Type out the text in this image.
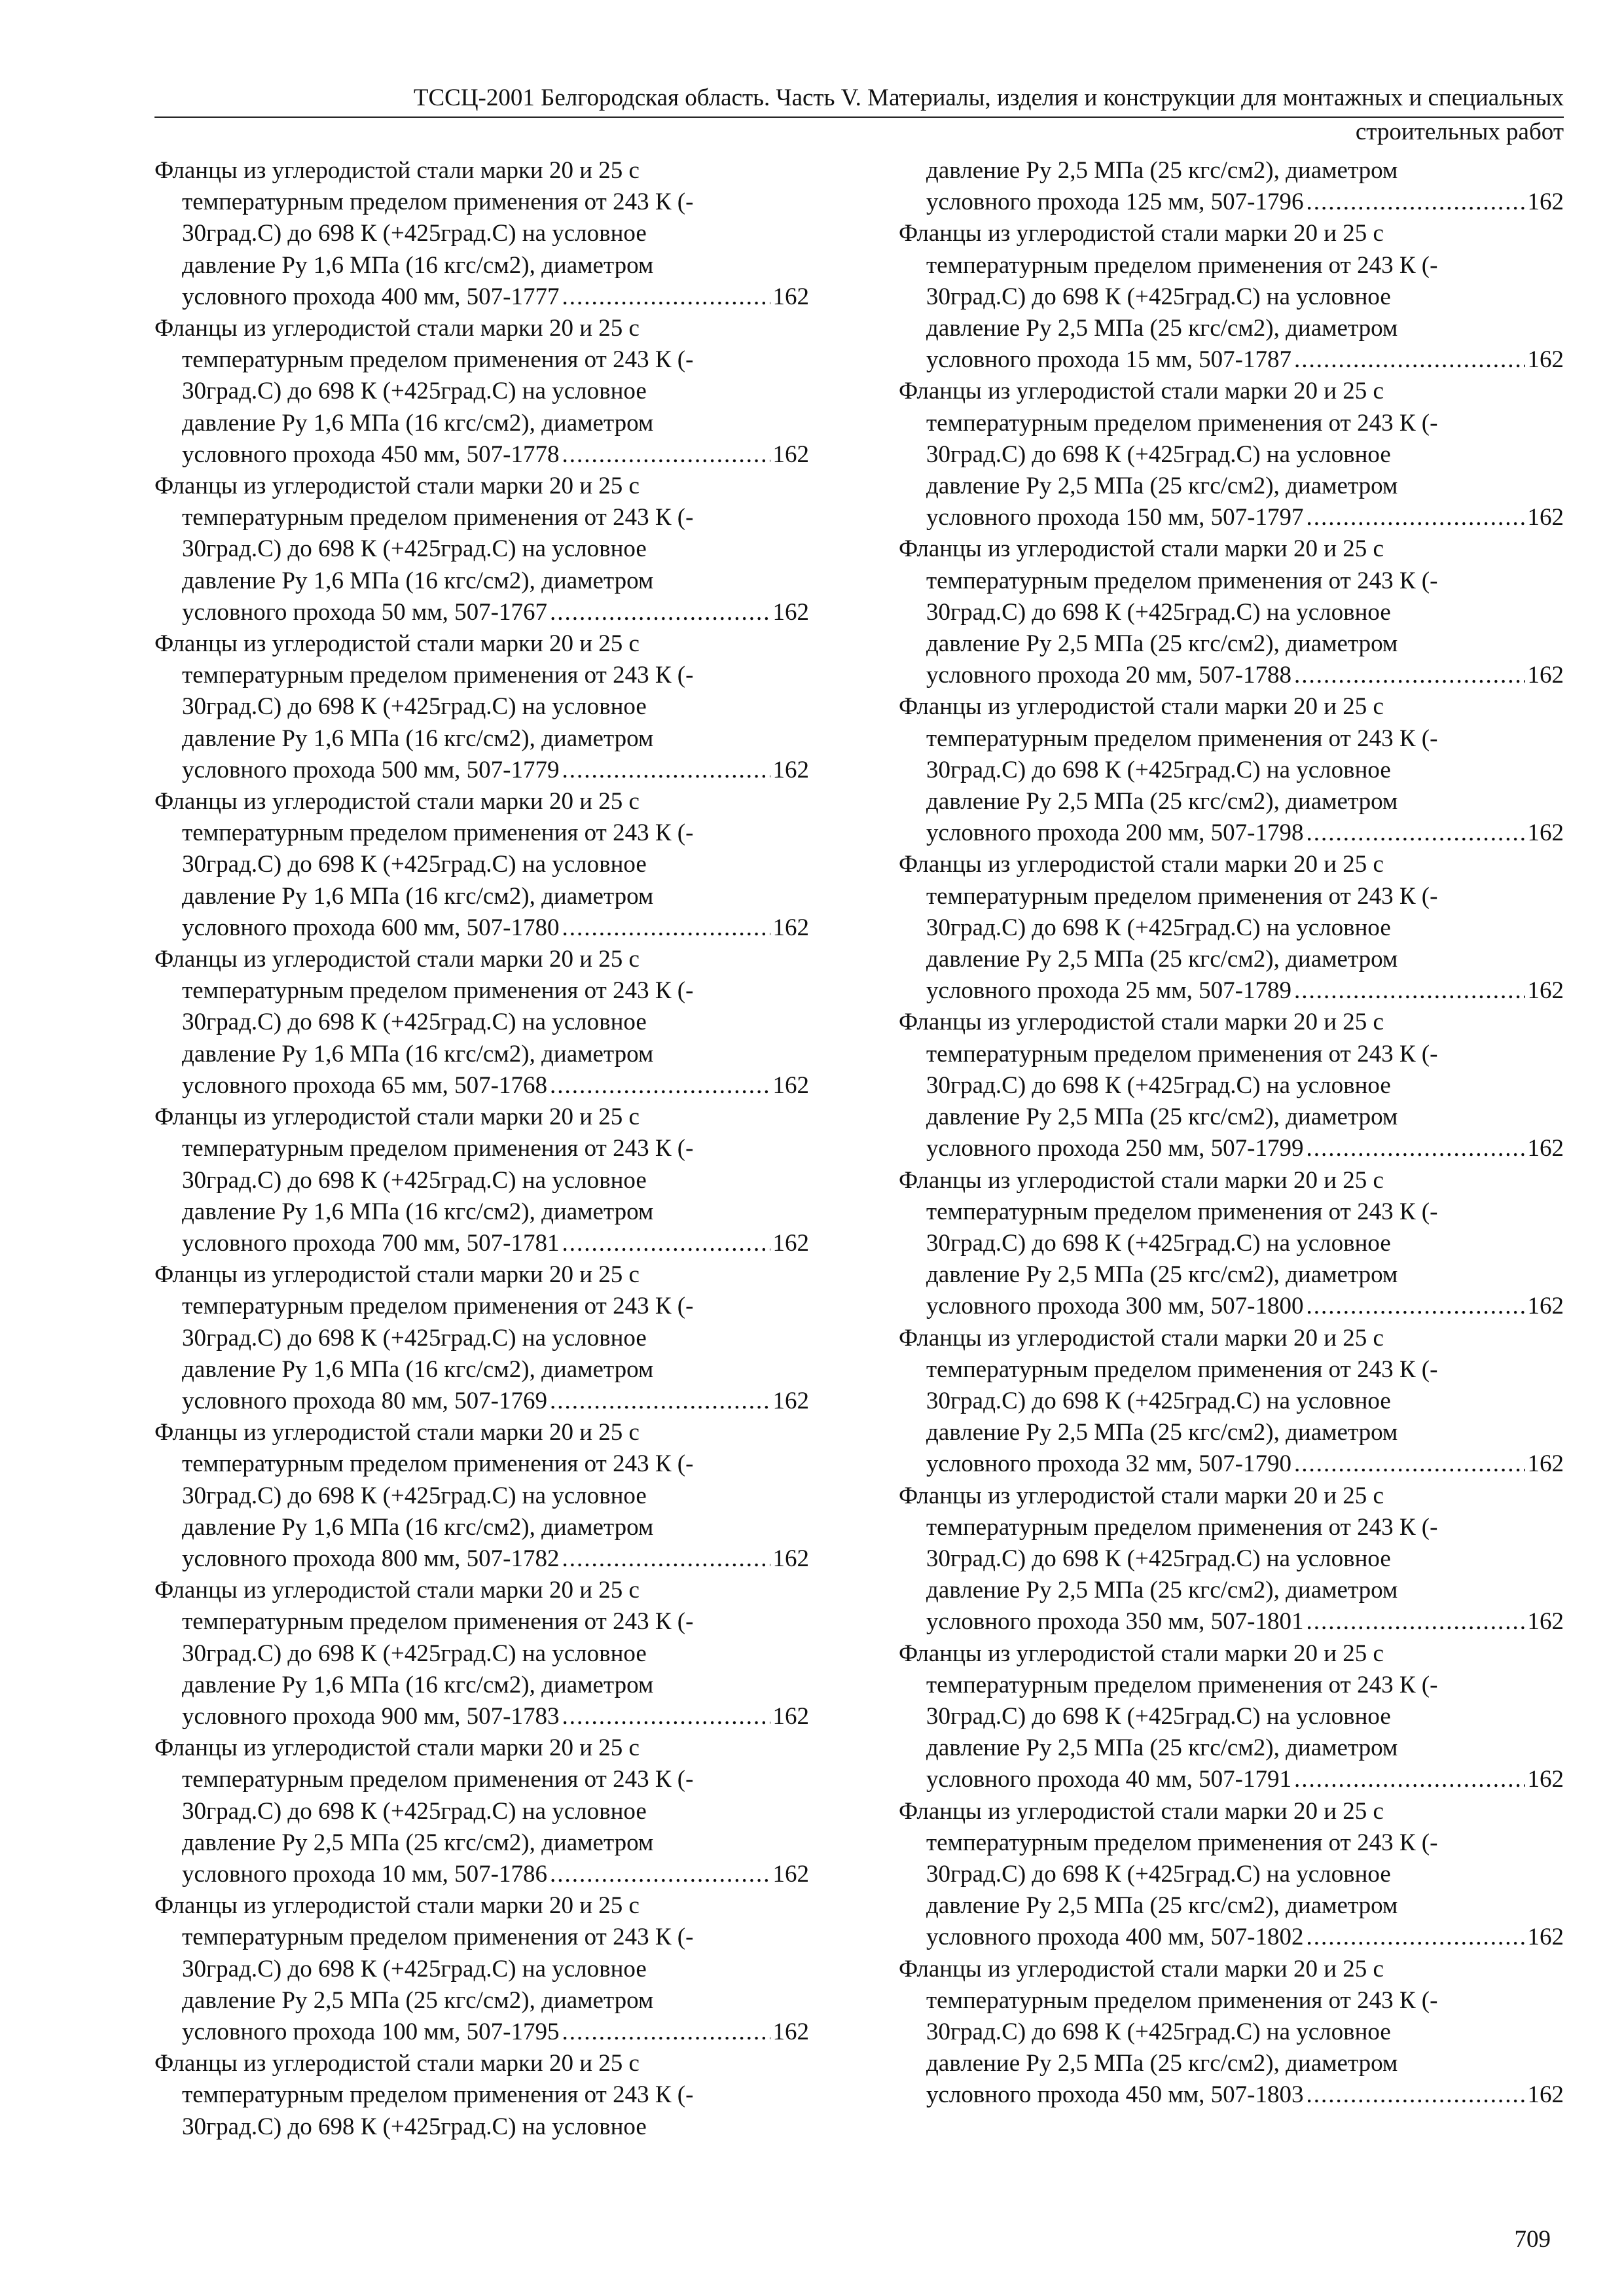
ТССЦ-2001 Белгородская область. Часть V. Материалы, изделия и конструкции для монтажных и специальных
строительных работ
Фланцы из углеродистой стали марки 20 и 25 с
температурным пределом применения от 243 К (-
30град.С) до 698 К (+425град.С) на условное
давление Ру 1,6 МПа (16 кгс/см2), диаметром
условного прохода 400 мм, 507-1777 .....	162
Фланцы из углеродистой стали марки 20 и 25 с
температурным пределом применения от 243 К (-
30град.С) до 698 К (+425град.С) на условное
давление Ру 1,6 МПа (16 кгс/см2), диаметром
условного прохода 450 мм, 507-1778 .....	162
Фланцы из углеродистой стали марки 20 и 25 с
температурным пределом применения от 243 К (-
30град.С) до 698 К (+425град.С) на условное
давление Ру 1,6 МПа (16 кгс/см2), диаметром
условного прохода 50 мм, 507-1767 .....	162
Фланцы из углеродистой стали марки 20 и 25 с
температурным пределом применения от 243 К (-
30град.С) до 698 К (+425град.С) на условное
давление Ру 1,6 МПа (16 кгс/см2), диаметром
условного прохода 500 мм, 507-1779 .....	162
Фланцы из углеродистой стали марки 20 и 25 с
температурным пределом применения от 243 К (-
30град.С) до 698 К (+425град.С) на условное
давление Ру 1,6 МПа (16 кгс/см2), диаметром
условного прохода 600 мм, 507-1780 .....	162
Фланцы из углеродистой стали марки 20 и 25 с
температурным пределом применения от 243 К (-
30град.С) до 698 К (+425град.С) на условное
давление Ру 1,6 МПа (16 кгс/см2), диаметром
условного прохода 65 мм, 507-1768 .....	162
Фланцы из углеродистой стали марки 20 и 25 с
температурным пределом применения от 243 К (-
30град.С) до 698 К (+425град.С) на условное
давление Ру 1,6 МПа (16 кгс/см2), диаметром
условного прохода 700 мм, 507-1781 .....	162
Фланцы из углеродистой стали марки 20 и 25 с
температурным пределом применения от 243 К (-
30град.С) до 698 К (+425град.С) на условное
давление Ру 1,6 МПа (16 кгс/см2), диаметром
условного прохода 80 мм, 507-1769 .....	162
Фланцы из углеродистой стали марки 20 и 25 с
температурным пределом применения от 243 К (-
30град.С) до 698 К (+425град.С) на условное
давление Ру 1,6 МПа (16 кгс/см2), диаметром
условного прохода 800 мм, 507-1782 .....	162
Фланцы из углеродистой стали марки 20 и 25 с
температурным пределом применения от 243 К (-
30град.С) до 698 К (+425град.С) на условное
давление Ру 1,6 МПа (16 кгс/см2), диаметром
условного прохода 900 мм, 507-1783 .....	162
Фланцы из углеродистой стали марки 20 и 25 с
температурным пределом применения от 243 К (-
30град.С) до 698 К (+425град.С) на условное
давление Ру 2,5 МПа (25 кгс/см2), диаметром
условного прохода 10 мм, 507-1786 .....	162
Фланцы из углеродистой стали марки 20 и 25 с
температурным пределом применения от 243 К (-
30град.С) до 698 К (+425град.С) на условное
давление Ру 2,5 МПа (25 кгс/см2), диаметром
условного прохода 100 мм, 507-1795 .....	162
Фланцы из углеродистой стали марки 20 и 25 с
температурным пределом применения от 243 К (-
30град.С) до 698 К (+425град.С) на условное
давление Ру 2,5 МПа (25 кгс/см2), диаметром
условного прохода 125 мм, 507-1796 .....	162
Фланцы из углеродистой стали марки 20 и 25 с
температурным пределом применения от 243 К (-
30град.С) до 698 К (+425град.С) на условное
давление Ру 2,5 МПа (25 кгс/см2), диаметром
условного прохода 15 мм, 507-1787 .....	162
Фланцы из углеродистой стали марки 20 и 25 с
температурным пределом применения от 243 К (-
30град.С) до 698 К (+425град.С) на условное
давление Ру 2,5 МПа (25 кгс/см2), диаметром
условного прохода 150 мм, 507-1797 .....	162
Фланцы из углеродистой стали марки 20 и 25 с
температурным пределом применения от 243 К (-
30град.С) до 698 К (+425град.С) на условное
давление Ру 2,5 МПа (25 кгс/см2), диаметром
условного прохода 20 мм, 507-1788 .....	162
Фланцы из углеродистой стали марки 20 и 25 с
температурным пределом применения от 243 К (-
30град.С) до 698 К (+425град.С) на условное
давление Ру 2,5 МПа (25 кгс/см2), диаметром
условного прохода 200 мм, 507-1798 .....	162
Фланцы из углеродистой стали марки 20 и 25 с
температурным пределом применения от 243 К (-
30град.С) до 698 К (+425град.С) на условное
давление Ру 2,5 МПа (25 кгс/см2), диаметром
условного прохода 25 мм, 507-1789 .....	162
Фланцы из углеродистой стали марки 20 и 25 с
температурным пределом применения от 243 К (-
30град.С) до 698 К (+425град.С) на условное
давление Ру 2,5 МПа (25 кгс/см2), диаметром
условного прохода 250 мм, 507-1799 .....	162
Фланцы из углеродистой стали марки 20 и 25 с
температурным пределом применения от 243 К (-
30град.С) до 698 К (+425град.С) на условное
давление Ру 2,5 МПа (25 кгс/см2), диаметром
условного прохода 300 мм, 507-1800 .....	162
Фланцы из углеродистой стали марки 20 и 25 с
температурным пределом применения от 243 К (-
30град.С) до 698 К (+425град.С) на условное
давление Ру 2,5 МПа (25 кгс/см2), диаметром
условного прохода 32 мм, 507-1790 .....	162
Фланцы из углеродистой стали марки 20 и 25 с
температурным пределом применения от 243 К (-
30град.С) до 698 К (+425град.С) на условное
давление Ру 2,5 МПа (25 кгс/см2), диаметром
условного прохода 350 мм, 507-1801 .....	162
Фланцы из углеродистой стали марки 20 и 25 с
температурным пределом применения от 243 К (-
30град.С) до 698 К (+425град.С) на условное
давление Ру 2,5 МПа (25 кгс/см2), диаметром
условного прохода 40 мм, 507-1791 .....	162
Фланцы из углеродистой стали марки 20 и 25 с
температурным пределом применения от 243 К (-
30град.С) до 698 К (+425град.С) на условное
давление Ру 2,5 МПа (25 кгс/см2), диаметром
условного прохода 400 мм, 507-1802 .....	162
Фланцы из углеродистой стали марки 20 и 25 с
температурным пределом применения от 243 К (-
30град.С) до 698 К (+425град.С) на условное
давление Ру 2,5 МПа (25 кгс/см2), диаметром
условного прохода 450 мм, 507-1803 .....	162
709
